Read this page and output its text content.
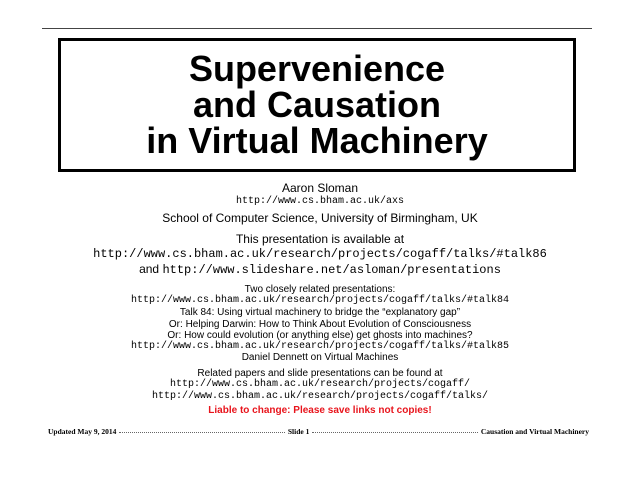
Supervenience
and Causation
in Virtual Machinery
Aaron Sloman
http://www.cs.bham.ac.uk/axs
School of Computer Science, University of Birmingham, UK
This presentation is available at
http://www.cs.bham.ac.uk/research/projects/cogaff/talks/#talk86
and http://www.slideshare.net/asloman/presentations
Two closely related presentations:
http://www.cs.bham.ac.uk/research/projects/cogaff/talks/#talk84
Talk 84: Using virtual machinery to bridge the “explanatory gap”
Or: Helping Darwin: How to Think About Evolution of Consciousness
Or: How could evolution (or anything else) get ghosts into machines?
http://www.cs.bham.ac.uk/research/projects/cogaff/talks/#talk85
Daniel Dennett on Virtual Machines
Related papers and slide presentations can be found at
http://www.cs.bham.ac.uk/research/projects/cogaff/
http://www.cs.bham.ac.uk/research/projects/cogaff/talks/
Liable to change: Please save links not copies!
Updated May 9, 2014	Slide 1	Causation and Virtual Machinery
